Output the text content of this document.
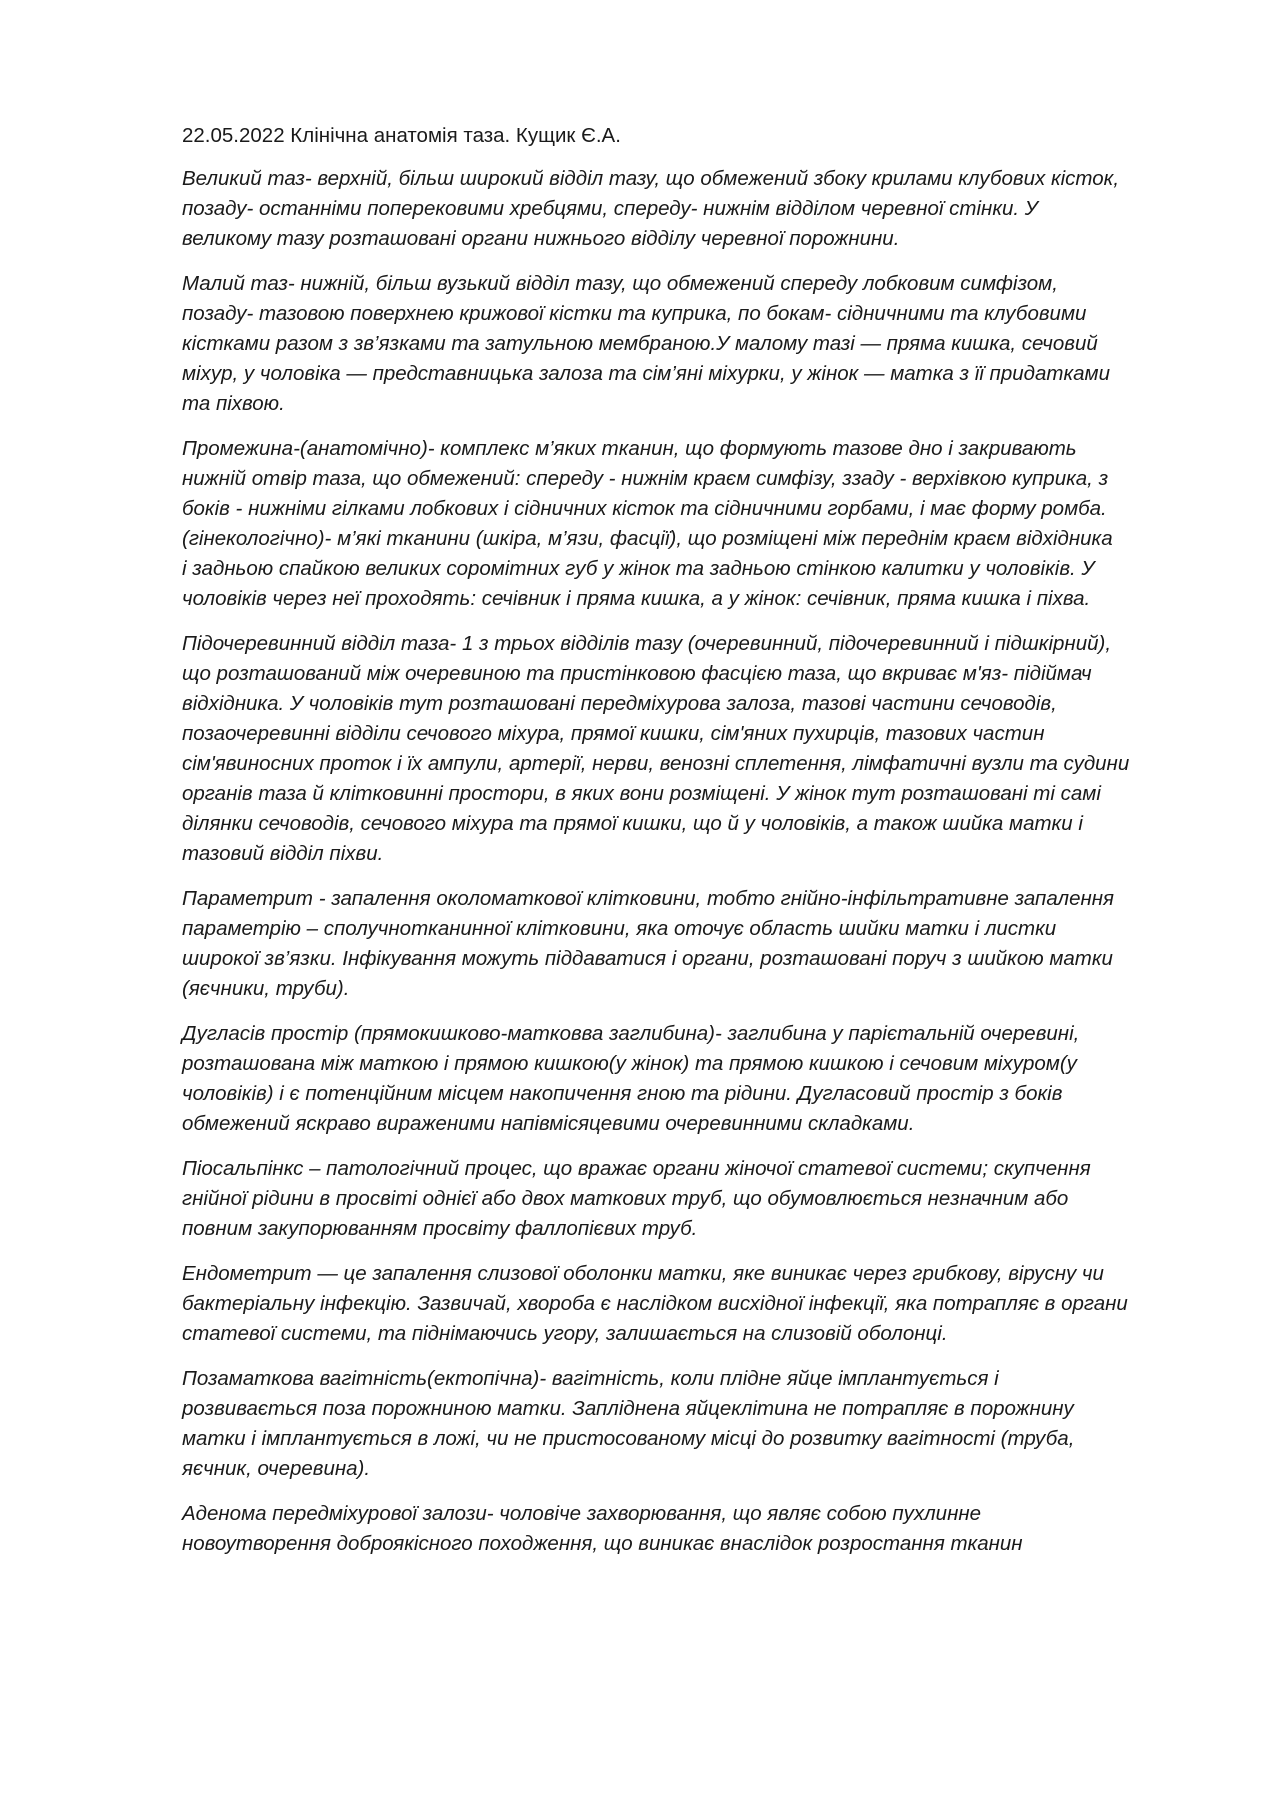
22.05.2022 Клінічна анатомія таза. Кущик Є.А.

Великий таз- верхній, більш широкий відділ тазу, що обмежений збоку крилами клубових кісток,
позаду- останніми поперековими хребцями, спереду- нижнім відділом черевної стінки. У
великому тазу розташовані органи нижнього відділу черевної порожнини.

Малий таз- нижній, більш вузький відділ тазу, що обмежений спереду лобковим симфізом,
позаду- тазовою поверхнею крижової кістки та куприка, по бокам- сідничними та клубовими
кістками разом з зв’язками та затульною мембраною.У малому тазі — пряма кишка, сечовий
міхур, у чоловіка — представницька залоза та сім’яні міхурки, у жінок — матка з її придатками
та піхвою.

Промежина-(анатомічно)- комплекс м’яких тканин, що формують тазове дно і закривають
нижній отвір таза, що обмежений: спереду - нижнім краєм симфізу, ззаду - верхівкою куприка, з
боків - нижніми гілками лобкових і сідничних кісток та сідничними горбами, і має форму ромба.
(гінекологічно)- м’які тканини (шкіра, м’язи, фасції), що розміщені між переднім краєм відхідника
і задньою спайкою великих соромітних губ у жінок та задньою стінкою калитки у чоловіків. У
чоловіків через неї проходять: сечівник і пряма кишка, а у жінок: сечівник, пряма кишка і піхва.

Підочеревинний відділ таза- 1 з трьох відділів тазу (очеревинний, підочеревинний і підшкірний),
що розташований між очеревиною та пристінковою фасцією таза, що вкриває м'яз- підіймач
відхідника. У чоловіків тут розташовані передміхурова залоза, тазові частини сечоводів,
позаочеревинні відділи сечового міхура, прямої кишки, сім'яних пухирців, тазових частин
сім'явиносних проток і їх ампули, артерії, нерви, венозні сплетення, лімфатичні вузли та судини
органів таза й клітковинні простори, в яких вони розміщені. У жінок тут розташовані ті самі
ділянки сечоводів, сечового міхура та прямої кишки, що й у чоловіків, а також шийка матки і
тазовий відділ піхви.

Параметрит - запалення околоматкової клітковини, тобто гнійно-інфільтративне запалення
параметрію – сполучнотканинної клітковини, яка оточує область шийки матки і листки
широкої зв’язки. Інфікування можуть піддаватися і органи, розташовані поруч з шийкою матки
(яєчники, труби).

Дугласів простір (прямокишково-матковва заглибина)- заглибина у парієтальній очеревині,
розташована між маткою і прямою кишкою(у жінок) та прямою кишкою і сечовим міхуром(у
чоловіків) і є потенційним місцем накопичення гною та рідини. Дугласовий простір з боків
обмежений яскраво вираженими напівмісяцевими очеревинними складками.

Піосальпінкс – патологічний процес, що вражає органи жіночої статевої системи; скупчення
гнійної рідини в просвіті однієї або двох маткових труб, що обумовлюється незначним або
повним закупорюванням просвіту фаллопієвих труб.

Ендометрит — це запалення слизової оболонки матки, яке виникає через грибкову, вірусну чи
бактеріальну інфекцію. Зазвичай, хвороба є наслідком висхідної інфекції, яка потрапляє в органи
статевої системи, та піднімаючись угору, залишається на слизовій оболонці.

Позаматкова вагітність(ектопічна)- вагітність, коли плідне яйце імплантується і
розвивається поза порожниною матки. Запліднена яйцеклітина не потрапляє в порожнину
матки і імплантується в ложі, чи не пристосованому місці до розвитку вагітності (труба,
яєчник, очеревина).

Аденома передміхурової залози- чоловіче захворювання, що являє собою пухлинне
новоутворення доброякісного походження, що виникає внаслідок розростання тканин
